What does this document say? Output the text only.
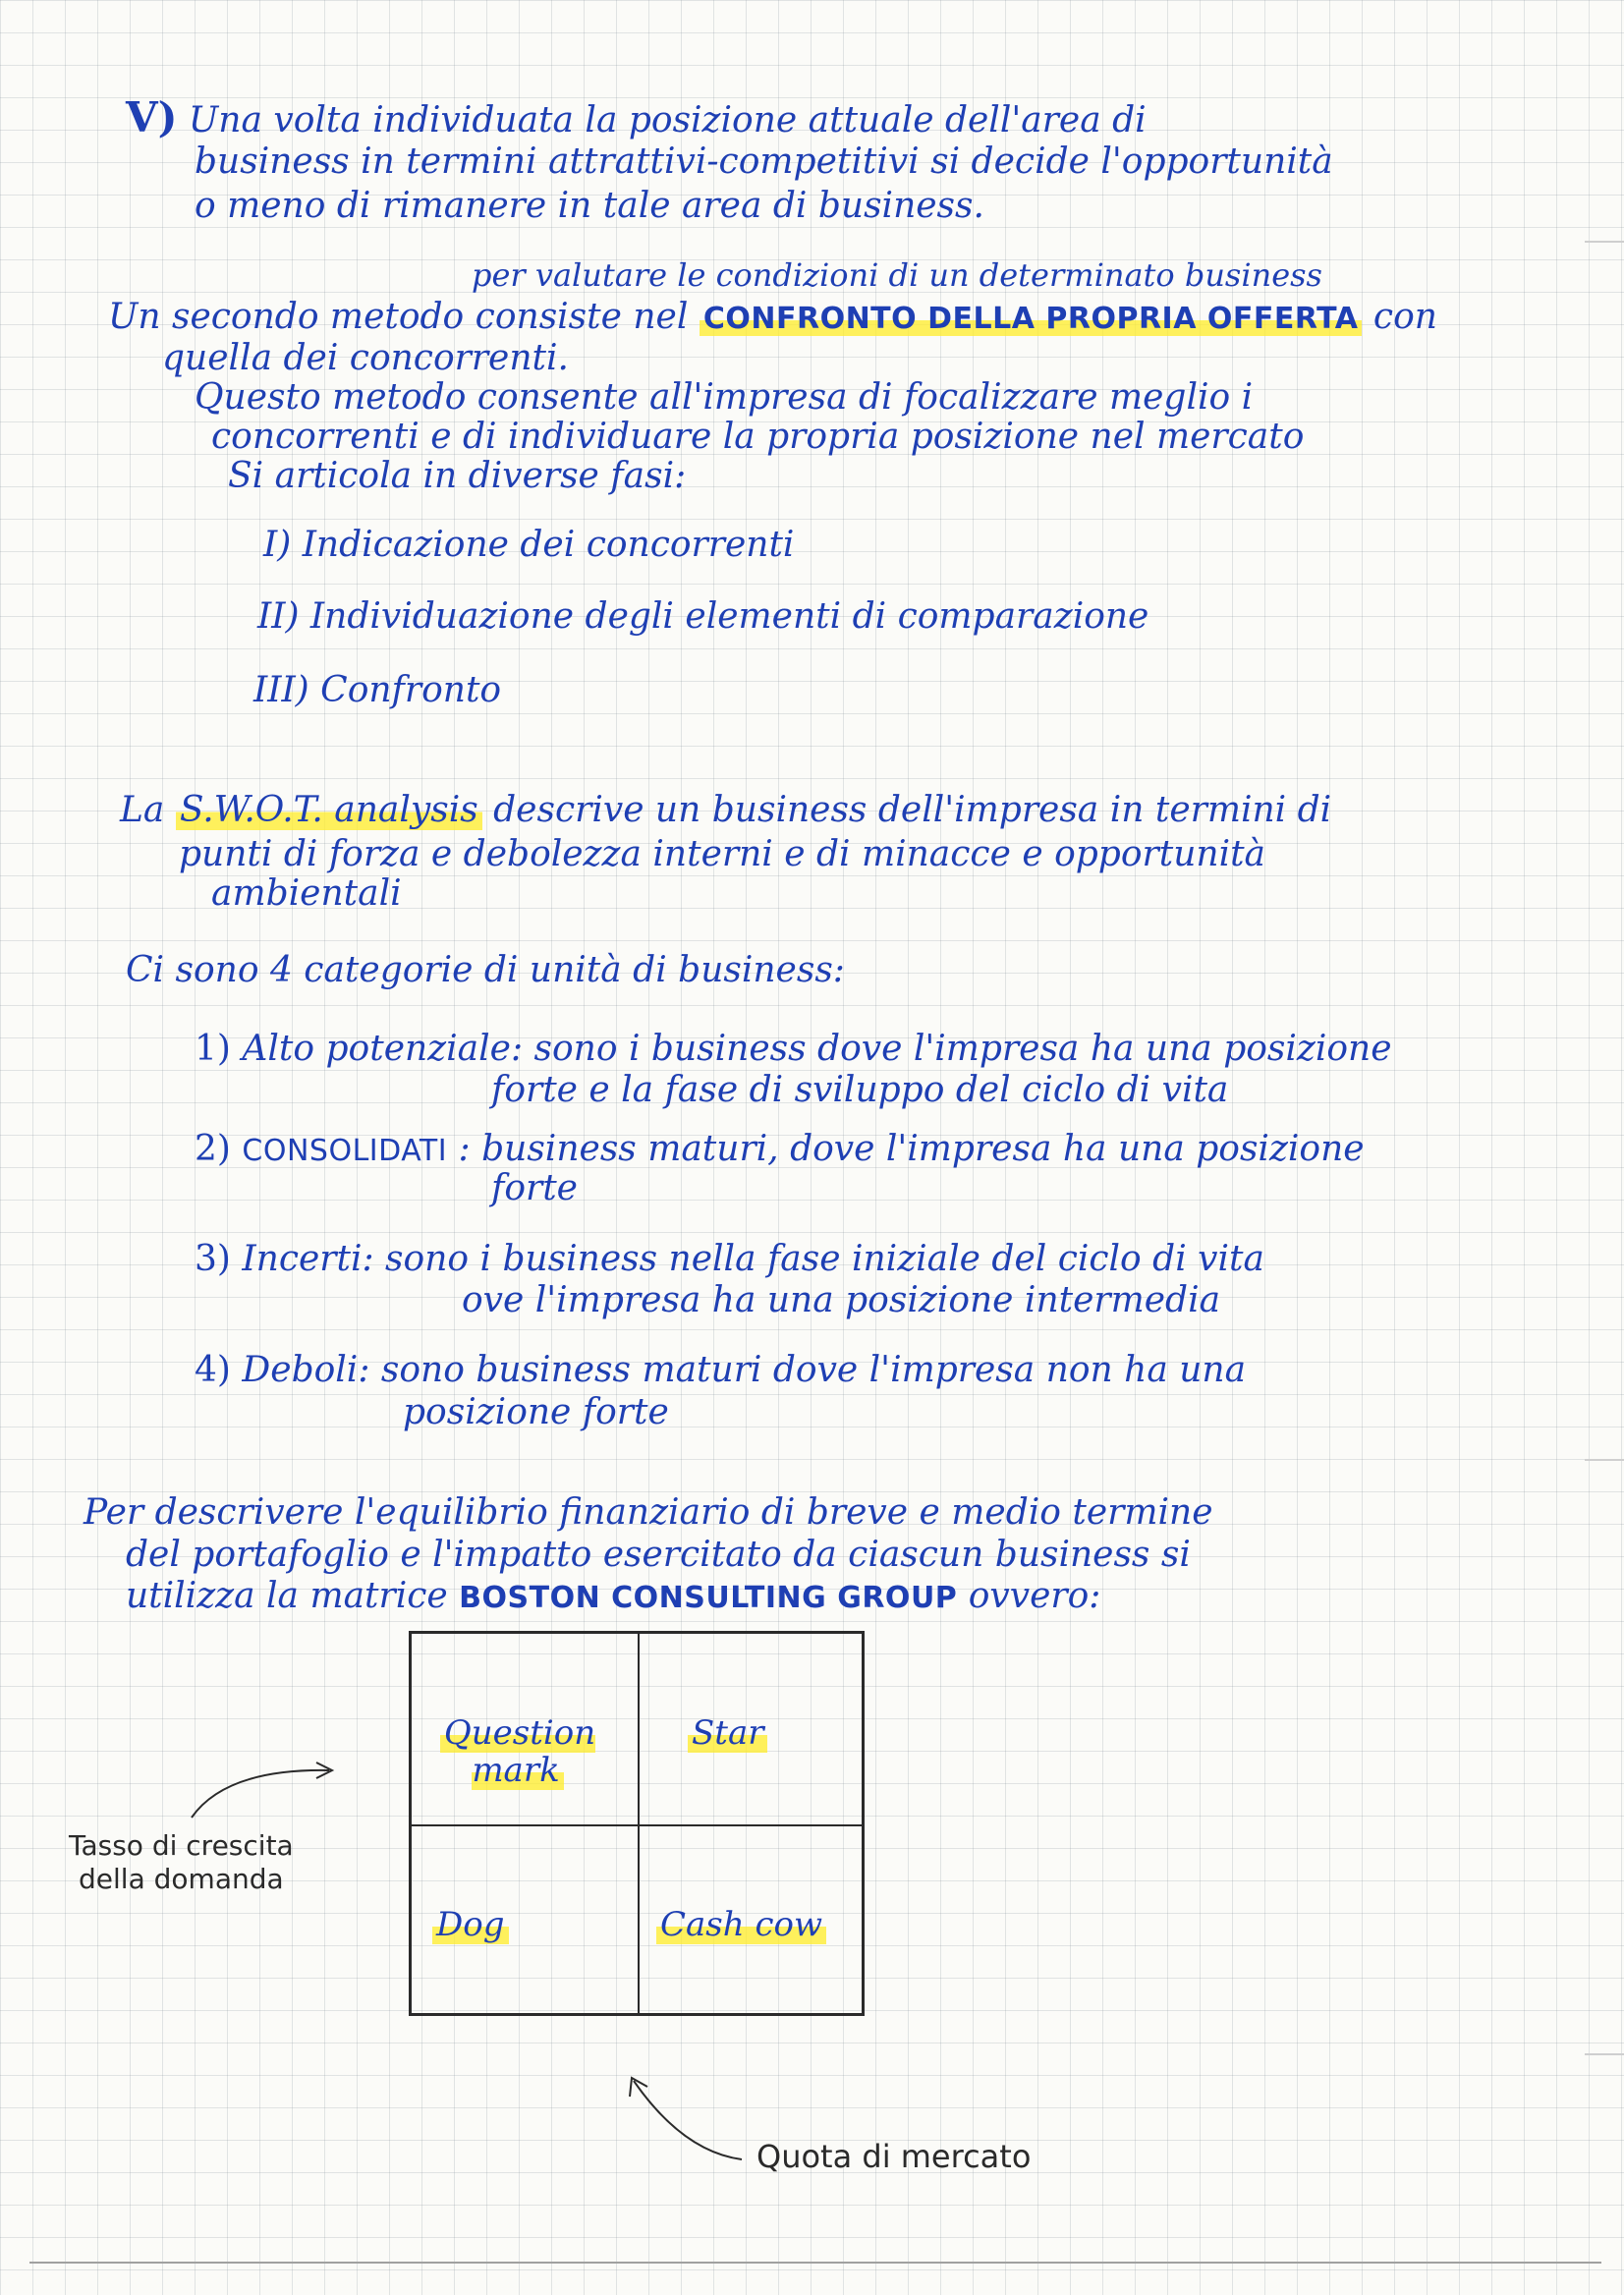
V) Una volta individuata la posizione attuale dell'area di

business in termini attrattivi-competitivi si decide l'opportunità

o meno di rimanere in tale area di business.

per valutare le condizioni di un determinato business

Un secondo metodo consiste nel CONFRONTO DELLA PROPRIA OFFERTA con

quella dei concorrenti.

Questo metodo consente all'impresa di focalizzare meglio i

concorrenti e di individuare la propria posizione nel mercato

Si articola in diverse fasi:

I) Indicazione dei concorrenti

II) Individuazione degli elementi di comparazione

III) Confronto

La S.W.O.T. analysis descrive un business dell'impresa in termini di

punti di forza e debolezza interni e di minacce e opportunità

ambientali

Ci sono 4 categorie di unità di business:

1) Alto potenziale: sono i business dove l'impresa ha una posizione

forte e la fase di sviluppo del ciclo di vita

2) CONSOLIDATI : business maturi, dove l'impresa ha una posizione

forte

3) Incerti: sono i business nella fase iniziale del ciclo di vita

ove l'impresa ha una posizione intermedia

4) Deboli: sono business maturi dove l'impresa non ha una

posizione forte

Per descrivere l'equilibrio finanziario di breve e medio termine

del portafoglio e l'impatto esercitato da ciascun business si

utilizza la matrice BOSTON CONSULTING GROUP ovvero:

Question mark
Star
Dog	Cash cow
Tasso di crescita
della domanda
Quota di mercato
